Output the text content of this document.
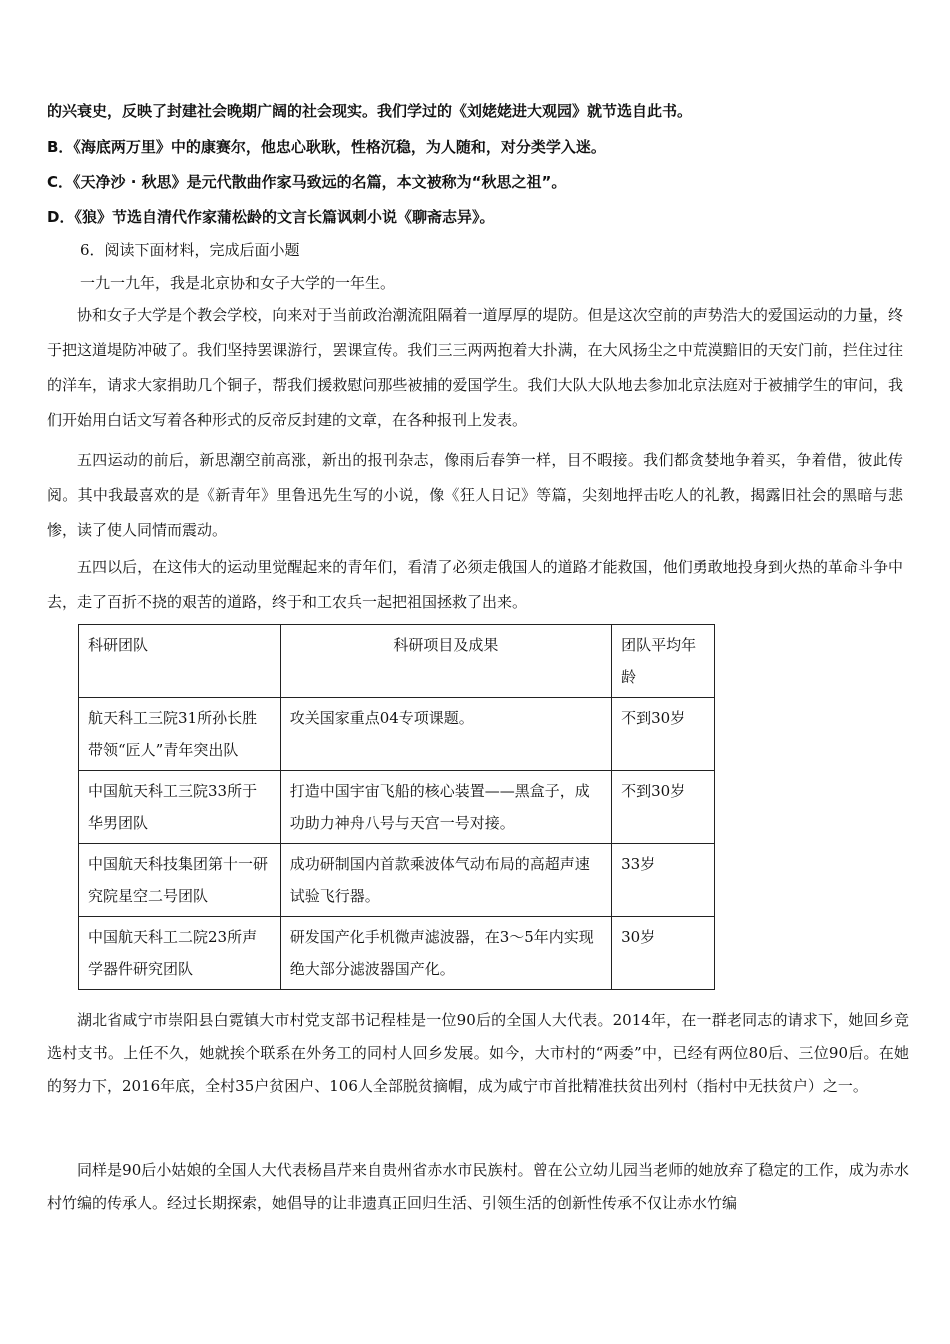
的兴衰史，反映了封建社会晚期广阔的社会现实。我们学过的《刘姥姥进大观园》就节选自此书。
B．《海底两万里》中的康赛尔，他忠心耿耿，性格沉稳，为人随和，对分类学入迷。
C．《天净沙 · 秋思》是元代散曲作家马致远的名篇，本文被称为“秋思之祖”。
D．《狼》节选自清代作家蒲松龄的文言长篇讽刺小说《聊斋志异》。
6．阅读下面材料，完成后面小题
一九一九年，我是北京协和女子大学的一年生。
协和女子大学是个教会学校，向来对于当前政治潮流阻隔着一道厚厚的堤防。但是这次空前的声势浩大的爱国运动的力量，终于把这道堤防冲破了。我们坚持罢课游行，罢课宣传。我们三三两两抱着大扑满，在大风扬尘之中荒漠黯旧的天安门前，拦住过往的洋车，请求大家捐助几个铜子，帮我们援救慰问那些被捕的爱国学生。我们大队大队地去参加北京法庭对于被捕学生的审问，我们开始用白话文写着各种形式的反帝反封建的文章，在各种报刊上发表。
五四运动的前后，新思潮空前高涨，新出的报刊杂志，像雨后春笋一样，目不暇接。我们都贪婪地争着买，争着借，彼此传阅。其中我最喜欢的是《新青年》里鲁迅先生写的小说，像《狂人日记》等篇，尖刻地抨击吃人的礼教，揭露旧社会的黑暗与悲惨，读了使人同情而震动。
五四以后，在这伟大的运动里觉醒起来的青年们，看清了必须走俄国人的道路才能救国，他们勇敢地投身到火热的革命斗争中去，走了百折不挠的艰苦的道路，终于和工农兵一起把祖国拯救了出来。
科研团队	科研项目及成果	团队平均年龄
航天科工三院31所孙长胜带领“匠人”青年突出队	攻关国家重点04专项课题。	不到30岁
中国航天科工三院33所于华男团队	打造中国宇宙飞船的核心装置——黑盒子，成功助力神舟八号与天宫一号对接。	不到30岁
中国航天科技集团第十一研究院星空二号团队	成功研制国内首款乘波体气动布局的高超声速试验飞行器。	33岁
中国航天科工二院23所声学器件研究团队	研发国产化手机微声滤波器，在3～5年内实现绝大部分滤波器国产化。	30岁
湖北省咸宁市崇阳县白霓镇大市村党支部书记程桂是一位90后的全国人大代表。2014年，在一群老同志的请求下，她回乡竞选村支书。上任不久，她就挨个联系在外务工的同村人回乡发展。如今，大市村的“两委”中，已经有两位80后、三位90后。在她的努力下，2016年底，全村35户贫困户、106人全部脱贫摘帽，成为咸宁市首批精准扶贫出列村（指村中无扶贫户）之一。
同样是90后小姑娘的全国人大代表杨昌芹来自贵州省赤水市民族村。曾在公立幼儿园当老师的她放弃了稳定的工作，成为赤水村竹编的传承人。经过长期探索，她倡导的让非遗真正回归生活、引领生活的创新性传承不仅让赤水竹编
